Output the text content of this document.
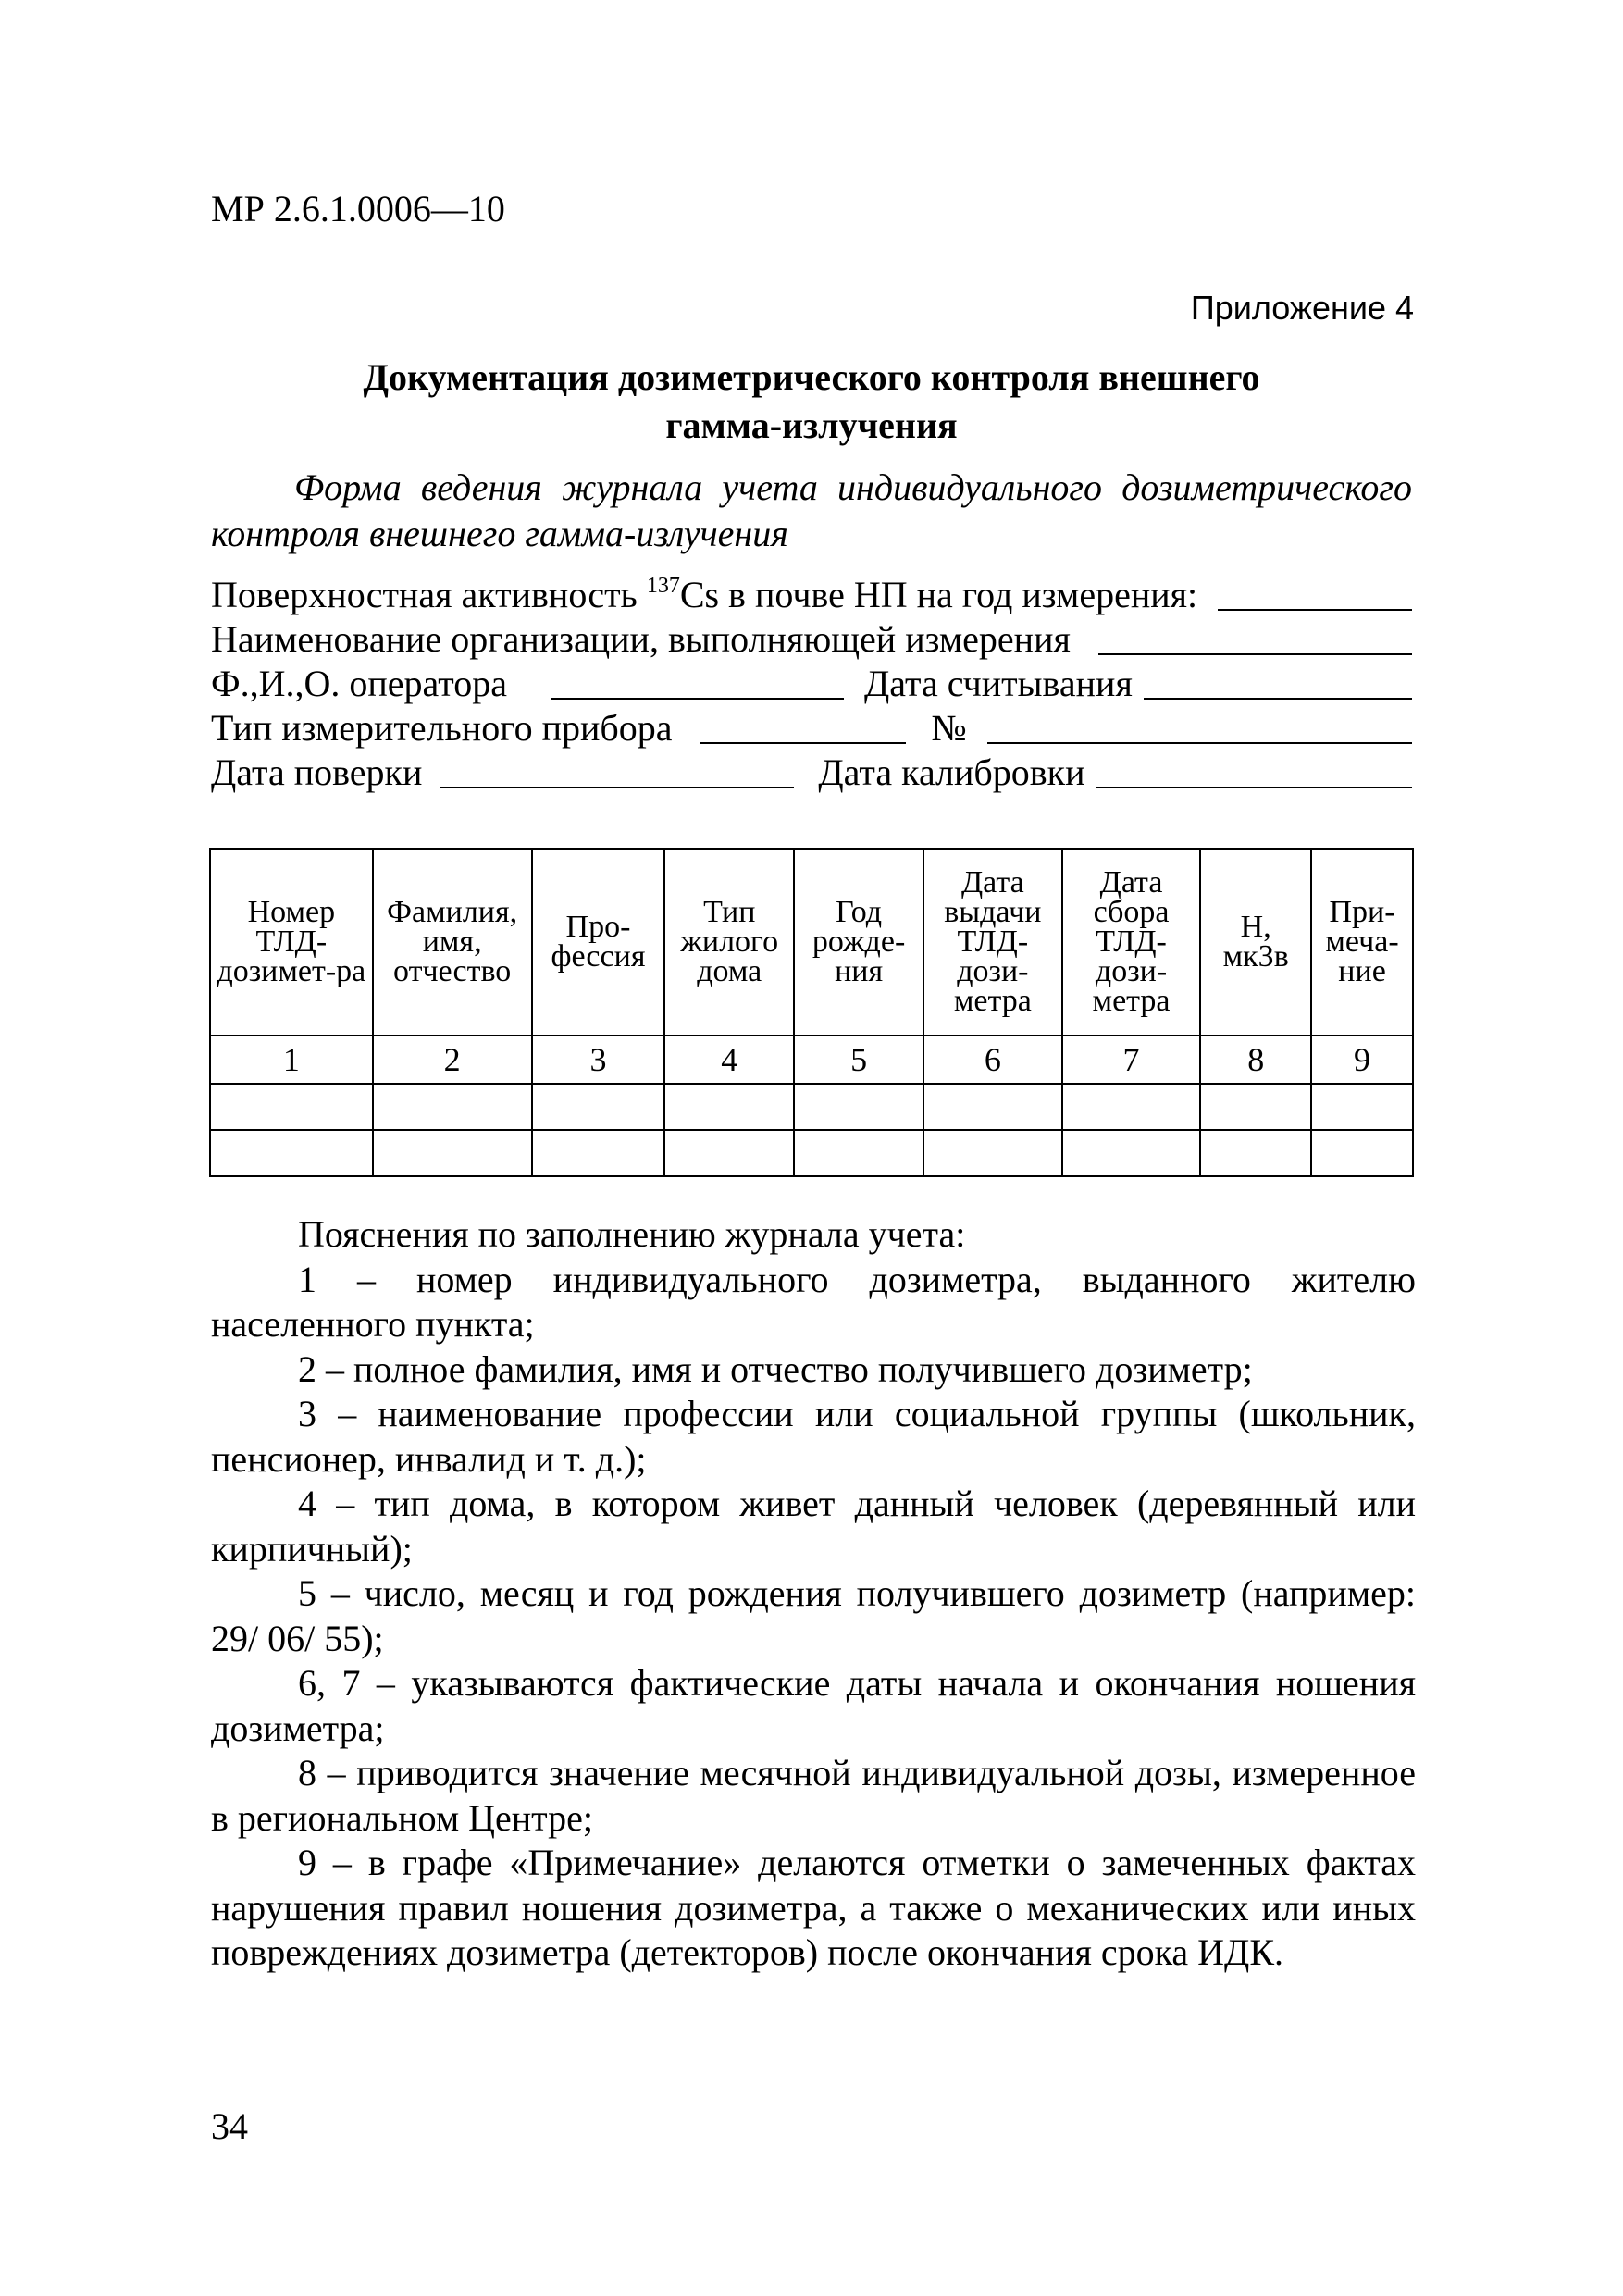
МР 2.6.1.0006—10
Приложение 4
Документация дозиметрического контроля внешнего
гамма-излучения
Форма ведения журнала учета индивидуального дозиметрического контроля внешнего гамма-излучения
Поверхностная активность $^{137}$Cs в почве НП на год измерения:
Наименование организации, выполняющей измерения
Ф.,И.,О. оператора	Дата считывания
Тип измерительного прибора	№
Дата поверки	Дата калибровки
Номер ТЛД-дозимет-ра	Фамилия, имя, отчество	Про-фессия	Тип жилого дома	Год рожде-ния	Дата выдачи ТЛД-дози-метра	Дата сбора ТЛД-дози-метра	H, мкЗв	При-меча-ние
1	2	3	4	5	6	7	8	9

Пояснения по заполнению журнала учета:

1 – номер индивидуального дозиметра, выданного жителю населенного пункта;

2 – полное фамилия, имя и отчество получившего дозиметр;

3 – наименование профессии или социальной группы (школьник, пенсионер, инвалид и т. д.);

4 – тип дома, в котором живет данный человек (деревянный или кирпичный);

5 – число, месяц и год рождения получившего дозиметр (например: 29/ 06/ 55);

6, 7 – указываются фактические даты начала и окончания ношения дозиметра;

8 – приводится значение месячной индивидуальной дозы, измеренное в региональном Центре;

9 – в графе «Примечание» делаются отметки о замеченных фактах нарушения правил ношения дозиметра, а также о механических или иных повреждениях дозиметра (детекторов) после окончания срока ИДК.

34
